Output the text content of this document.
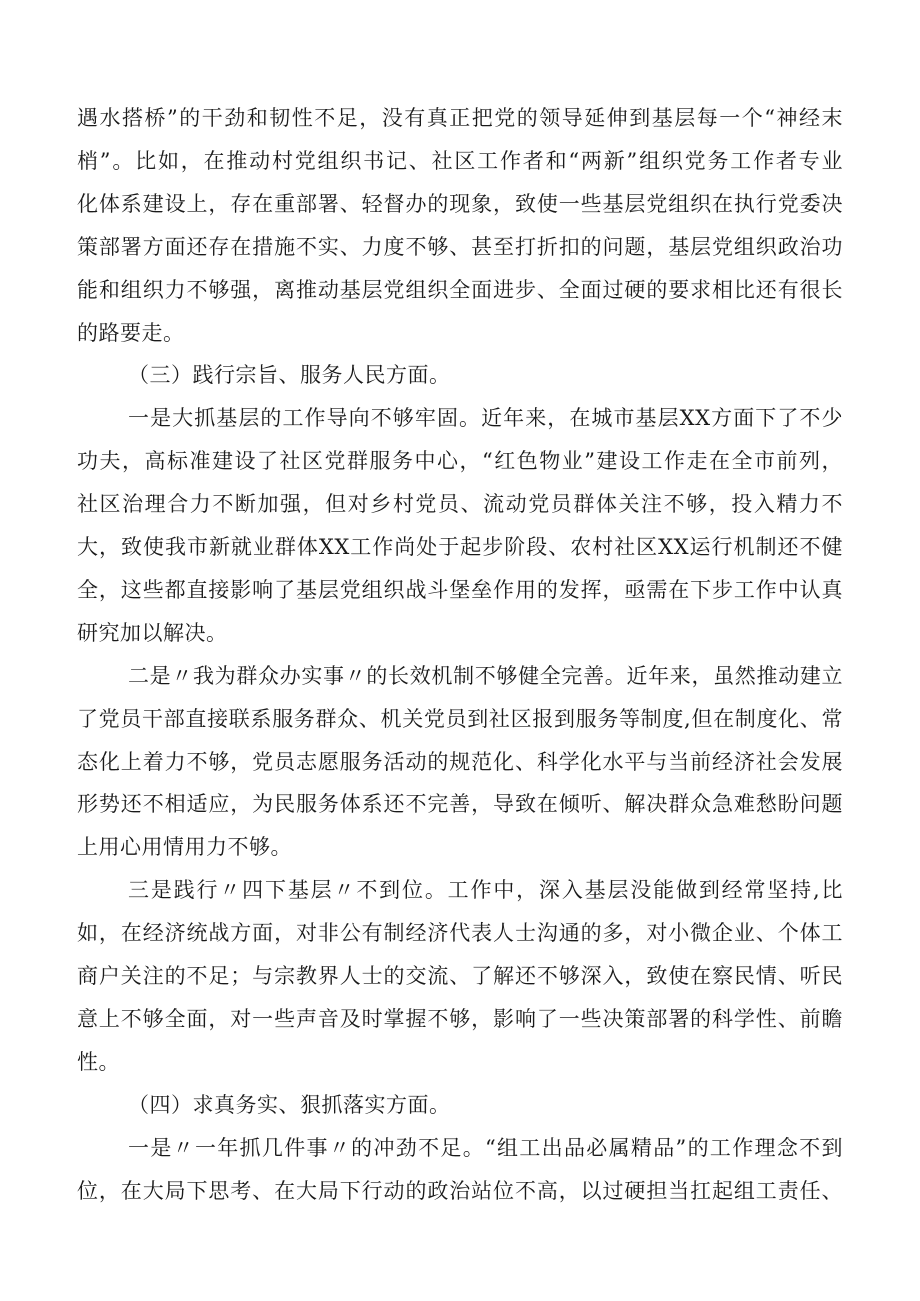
遇水搭桥”的干劲和韧性不足，没有真正把党的领导延伸到基层每一个“神经末
梢”。比如，在推动村党组织书记、社区工作者和“两新”组织党务工作者专业
化体系建设上，存在重部署、轻督办的现象，致使一些基层党组织在执行党委决
策部署方面还存在措施不实、力度不够、甚至打折扣的问题，基层党组织政治功
能和组织力不够强，离推动基层党组织全面进步、全面过硬的要求相比还有很长
的路要走。
（三）践行宗旨、服务人民方面。
一是大抓基层的工作导向不够牢固。近年来，在城市基层XX方面下了不少
功夫，高标准建设了社区党群服务中心，“红色物业”建设工作走在全市前列，
社区治理合力不断加强，但对乡村党员、流动党员群体关注不够，投入精力不
大，致使我市新就业群体XX工作尚处于起步阶段、农村社区XX运行机制还不健
全，这些都直接影响了基层党组织战斗堡垒作用的发挥，亟需在下步工作中认真
研究加以解决。
二是〃我为群众办实事〃的长效机制不够健全完善。近年来，虽然推动建立
了党员干部直接联系服务群众、机关党员到社区报到服务等制度,但在制度化、常
态化上着力不够，党员志愿服务活动的规范化、科学化水平与当前经济社会发展
形势还不相适应，为民服务体系还不完善，导致在倾听、解决群众急难愁盼问题
上用心用情用力不够。
三是践行〃四下基层〃不到位。工作中，深入基层没能做到经常坚持,比
如，在经济统战方面，对非公有制经济代表人士沟通的多，对小微企业、个体工
商户关注的不足；与宗教界人士的交流、了解还不够深入，致使在察民情、听民
意上不够全面，对一些声音及时掌握不够，影响了一些决策部署的科学性、前瞻
性。
（四）求真务实、狠抓落实方面。
一是〃一年抓几件事〃的冲劲不足。“组工出品必属精品”的工作理念不到
位，在大局下思考、在大局下行动的政治站位不高，以过硬担当扛起组工责任、
